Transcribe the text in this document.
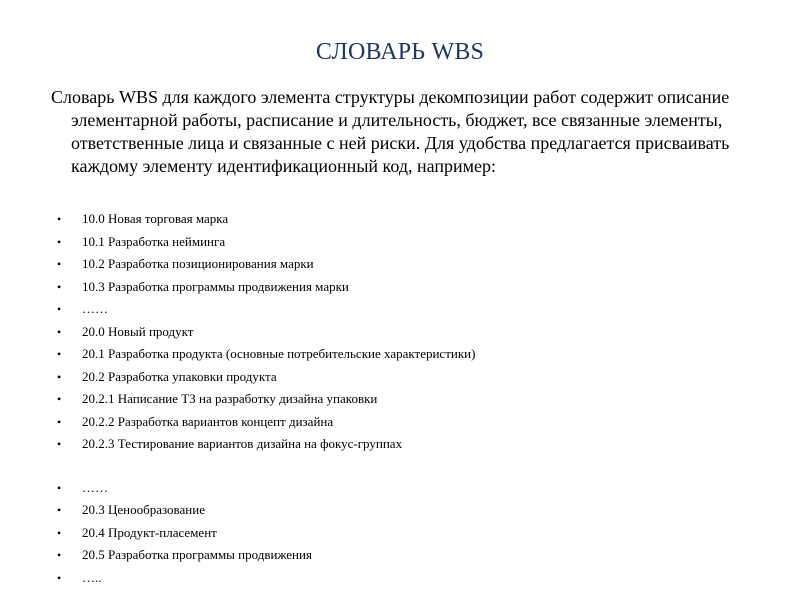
СЛОВАРЬ WBS

Словарь WBS для каждого элемента структуры декомпозиции работ содержит описание элементарной работы, расписание и длительность, бюджет, все связанные элементы, ответственные лица и связанные с ней риски. Для удобства предлагается присваивать каждому элементу идентификационный код, например:

• 10.0 Новая торговая марка
• 10.1 Разработка нейминга
• 10.2 Разработка позиционирования марки
• 10.3 Разработка программы продвижения марки
• ……
• 20.0 Новый продукт
• 20.1 Разработка продукта (основные потребительские характеристики)
• 20.2 Разработка упаковки продукта
• 20.2.1 Написание ТЗ на разработку дизайна упаковки
• 20.2.2 Разработка вариантов концепт дизайна
• 20.2.3 Тестирование вариантов дизайна на фокус-группах
• ……
• 20.3 Ценообразование
• 20.4 Продукт-пласемент
• 20.5 Разработка программы продвижения
• …..
